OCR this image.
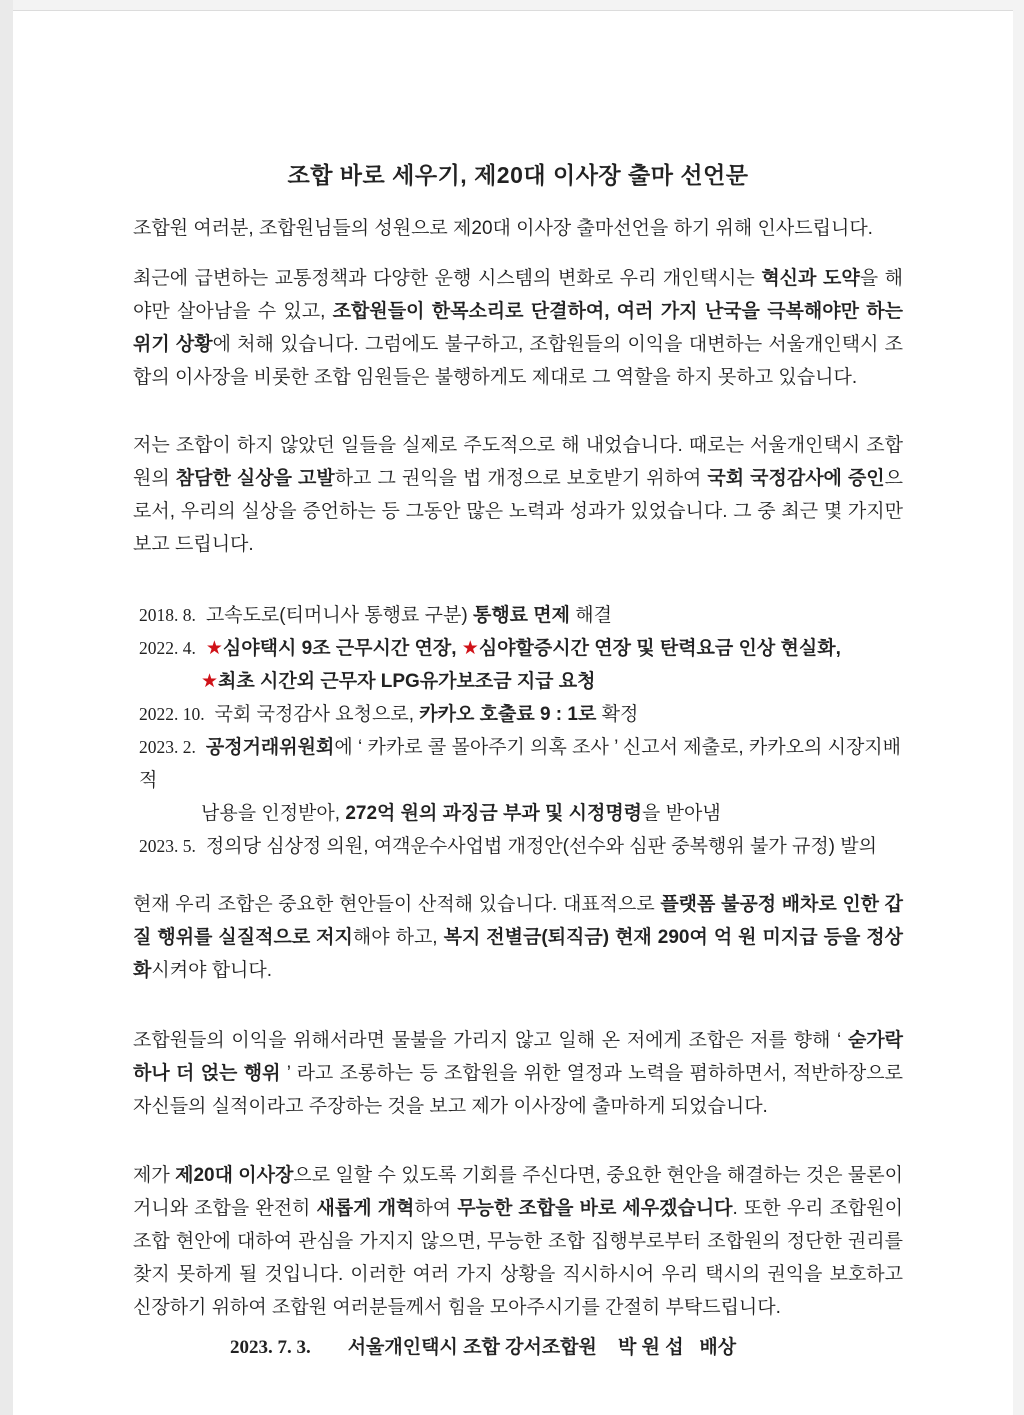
조합 바로 세우기, 제20대 이사장 출마 선언문

조합원 여러분, 조합원님들의 성원으로 제20대 이사장 출마선언을 하기 위해 인사드립니다.

최근에 급변하는 교통정책과 다양한 운행 시스템의 변화로 우리 개인택시는 혁신과 도약을 해야만 살아남을 수 있고, 조합원들이 한목소리로 단결하여, 여러 가지 난국을 극복해야만 하는 위기 상황에 처해 있습니다. 그럼에도 불구하고, 조합원들의 이익을 대변하는 서울개인택시 조합의 이사장을 비롯한 조합 임원들은 불행하게도 제대로 그 역할을 하지 못하고 있습니다.

저는 조합이 하지 않았던 일들을 실제로 주도적으로 해 내었습니다. 때로는 서울개인택시 조합원의 참담한 실상을 고발하고 그 권익을 법 개정으로 보호받기 위하여 국회 국정감사에 증인으로서, 우리의 실상을 증언하는 등 그동안 많은 노력과 성과가 있었습니다. 그 중 최근 몇 가지만 보고 드립니다.

2018. 8. 고속도로(티머니사 통행료 구분) 통행료 면제 해결
2022. 4. ★심야택시 9조 근무시간 연장, ★심야할증시간 연장 및 탄력요금 인상 현실화,
★최초 시간외 근무자 LPG유가보조금 지급 요청
2022. 10. 국회 국정감사 요청으로, 카카오 호출료 9 : 1로 확정
2023. 2. 공정거래위원회에 ‘ 카카로 콜 몰아주기 의혹 조사 ’ 신고서 제출로, 카카오의 시장지배 적
남용을 인정받아, 272억 원의 과징금 부과 및 시정명령을 받아냄
2023. 5. 정의당 심상정 의원, 여객운수사업법 개정안(선수와 심판 중복행위 불가 규정) 발의

현재 우리 조합은 중요한 현안들이 산적해 있습니다. 대표적으로 플랫폼 불공정 배차로 인한 갑질 행위를 실질적으로 저지해야 하고, 복지 전별금(퇴직금) 현재 290여 억 원 미지급 등을 정상화시켜야 합니다.

조합원들의 이익을 위해서라면 물불을 가리지 않고 일해 온 저에게 조합은 저를 향해 ‘ 숟가락 하나 더 얹는 행위 ’ 라고 조롱하는 등 조합원을 위한 열정과 노력을 폄하하면서, 적반하장으로 자신들의 실적이라고 주장하는 것을 보고 제가 이사장에 출마하게 되었습니다.

제가 제20대 이사장으로 일할 수 있도록 기회를 주신다면, 중요한 현안을 해결하는 것은 물론이거니와 조합을 완전히 새롭게 개혁하여 무능한 조합을 바로 세우겠습니다. 또한 우리 조합원이 조합 현안에 대하여 관심을 가지지 않으면, 무능한 조합 집행부로부터 조합원의 정단한 권리를 찾지 못하게 될 것입니다. 이러한 여러 가지 상황을 직시하시어 우리 택시의 권익을 보호하고 신장하기 위하여 조합원 여러분들께서 힘을 모아주시기를 간절히 부탁드립니다.

2023. 7. 3.       서울개인택시 조합 강서조합원    박 원 섭   배상
